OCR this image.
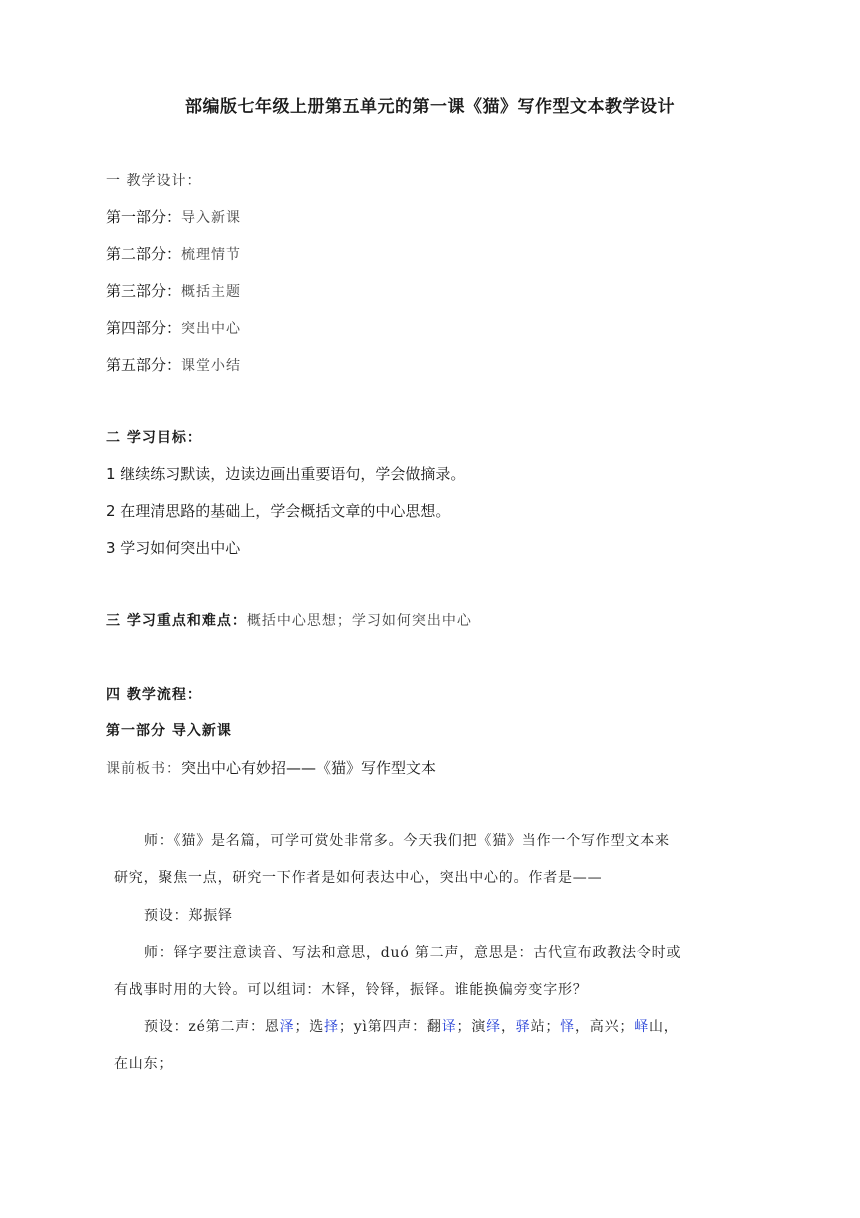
部编版七年级上册第五单元的第一课《猫》写作型文本教学设计
一 教学设计：
第一部分：导入新课
第二部分：梳理情节
第三部分：概括主题
第四部分：突出中心
第五部分：课堂小结
二 学习目标：
1 继续练习默读，边读边画出重要语句，学会做摘录。
2 在理清思路的基础上，学会概括文章的中心思想。
3 学习如何突出中心
三 学习重点和难点：概括中心思想；学习如何突出中心
四 教学流程：
第一部分 导入新课
课前板书：突出中心有妙招——《猫》写作型文本
师：《猫》是名篇，可学可赏处非常多。今天我们把《猫》当作一个写作型文本来
研究，聚焦一点，研究一下作者是如何表达中心，突出中心的。作者是——
预设：郑振铎
师：铎字要注意读音、写法和意思，duó 第二声，意思是：古代宣布政教法令时或
有战事时用的大铃。可以组词：木铎，铃铎，振铎。谁能换偏旁变字形？
预设：zé第二声：恩泽；选择；yì第四声：翻译；演绎，驿站；怿，高兴；峄山，
在山东；
